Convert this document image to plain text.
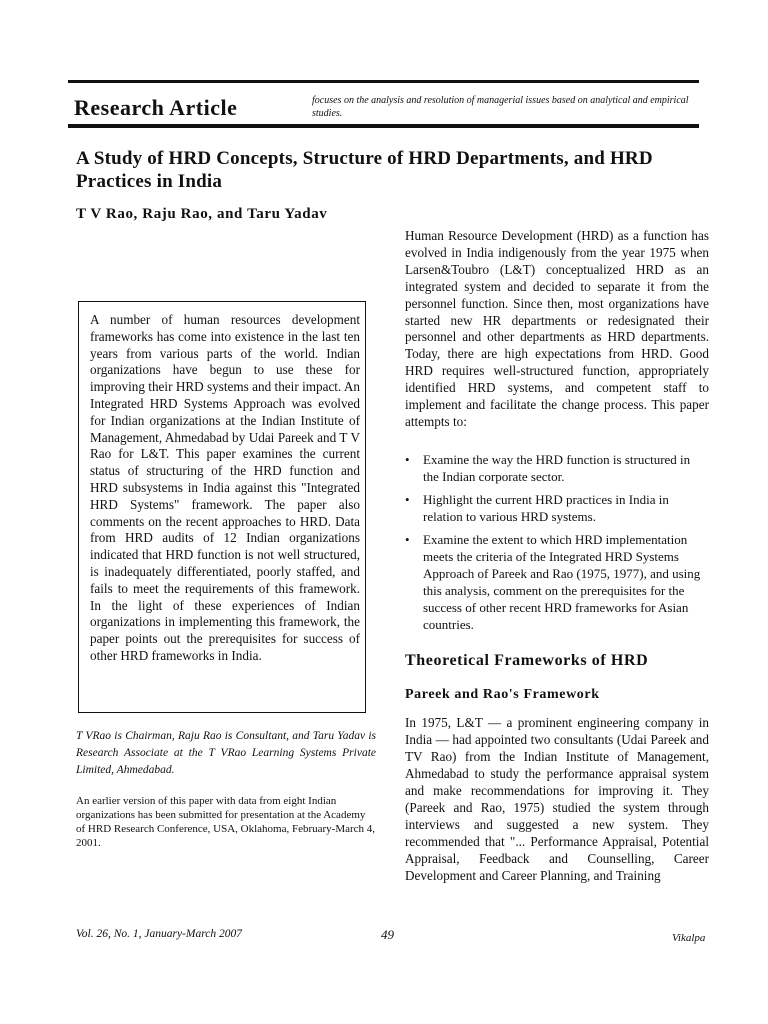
Research Article	focuses on the analysis and resolution of managerial issues based on analytical and empirical studies.
A Study of HRD Concepts, Structure of HRD Departments, and HRD Practices in India
T V Rao, Raju Rao, and Taru Yadav

A number of human resources development frameworks has come into existence in the last ten years from various parts of the world. Indian organizations have begun to use these for improving their HRD systems and their impact. An Integrated HRD Systems Approach was evolved for Indian organizations at the Indian Institute of Management, Ahmedabad by Udai Pareek and T V Rao for L&T. This paper examines the current status of structuring of the HRD function and HRD subsystems in India against this "Integrated HRD Systems" framework. The paper also comments on the recent approaches to HRD. Data from HRD audits of 12 Indian organizations indicated that HRD function is not well structured, is inadequately differentiated, poorly staffed, and fails to meet the requirements of this framework. In the light of these experiences of Indian organizations in implementing this framework, the paper points out the prerequisites for success of other HRD frameworks in India.

T VRao is Chairman, Raju Rao is Consultant, and Taru Yadav is Research Associate at the T VRao Learning Systems Private Limited, Ahmedabad.

An earlier version of this paper with data from eight Indian organizations has been submitted for presentation at the Academy of HRD Research Conference, USA, Oklahoma, February-March 4, 2001.

Human Resource Development (HRD) as a function has evolved in India indigenously from the year 1975 when Larsen&Toubro (L&T) conceptualized HRD as an integrated system and decided to separate it from the personnel function. Since then, most organizations have started new HR departments or redesignated their personnel and other departments as HRD departments. Today, there are high expectations from HRD. Good HRD requires well-structured function, appropriately identified HRD systems, and competent staff to implement and facilitate the change process. This paper attempts to:

• Examine the way the HRD function is structured in the Indian corporate sector.
• Highlight the current HRD practices in India in relation to various HRD systems.
• Examine the extent to which HRD implementation meets the criteria of the Integrated HRD Systems Approach of Pareek and Rao (1975, 1977), and using this analysis, comment on the prerequisites for the success of other recent HRD frameworks for Asian countries.
Theoretical Frameworks of HRD
Pareek and Rao's Framework

In 1975, L&T — a prominent engineering company in India — had appointed two consultants (Udai Pareek and TV Rao) from the Indian Institute of Management, Ahmedabad to study the performance appraisal system and make recommendations for improving it. They (Pareek and Rao, 1975) studied the system through interviews and suggested a new system. They recommended that "... Performance Appraisal, Potential Appraisal, Feedback and Counselling, Career Development and Career Planning, and Training

Vol. 26, No. 1, January-March 2007	49	Vikalpa
